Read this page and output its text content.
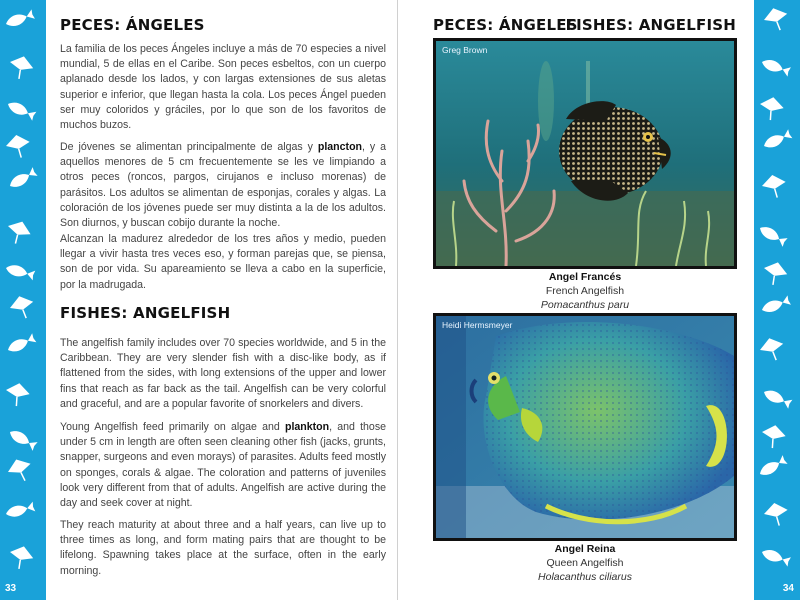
33
PECES: ÁNGELES

La familia de los peces Ángeles incluye a más de 70 especies a nivel mundial, 5 de ellas en el Caribe. Son peces esbeltos, con un cuerpo aplanado desde los lados, y con largas extensiones de sus aletas superior e inferior, que llegan hasta la cola. Los peces Ángel pueden ser muy coloridos y gráciles, por lo que son de los favoritos de muchos buzos.

De jóvenes se alimentan principalmente de algas y plancton, y a aquellos menores de 5 cm frecuentemente se les ve limpiando a otros peces (roncos, pargos, cirujanos e incluso morenas) de parásitos. Los adultos se alimentan de esponjas, corales y algas. La coloración de los jóvenes puede ser muy distinta a la de los adultos. Son diurnos, y buscan cobijo durante la noche.

Alcanzan la madurez alrededor de los tres años y medio, pueden llegar a vivir hasta tres veces eso, y forman parejas que, se piensa, son de por vida. Su apareamiento se lleva a cabo en la superficie, por la madrugada.

FISHES: ANGELFISH

The angelfish family includes over 70 species worldwide, and 5 in the Caribbean. They are very slender fish with a disc-like body, as if flattened from the sides, with long extensions of the upper and lower fins that reach as far back as the tail. Angelfish can be very colorful and graceful, and are a popular favorite of snorkelers and divers.

Young Angelfish feed primarily on algae and plankton, and those under 5 cm in length are often seen cleaning other fish (jacks, grunts, snapper, surgeons and even morays) of parasites. Adults feed mostly on sponges, corals & algae. The coloration and patterns of juveniles look very different from that of adults. Angelfish are active during the day and seek cover at night.

They reach maturity at about three and a half years, can live up to three times as long, and form mating pairs that are thought to be lifelong. Spawning takes place at the surface, often in the early morning.

PECES: ÁNGELES
FISHES: ANGELFISH
Greg Brown
Angel Francés
French Angelfish
Pomacanthus paru
Heidi Hermsmeyer
Angel Reina
Queen Angelfish
Holacanthus ciliarus
34
